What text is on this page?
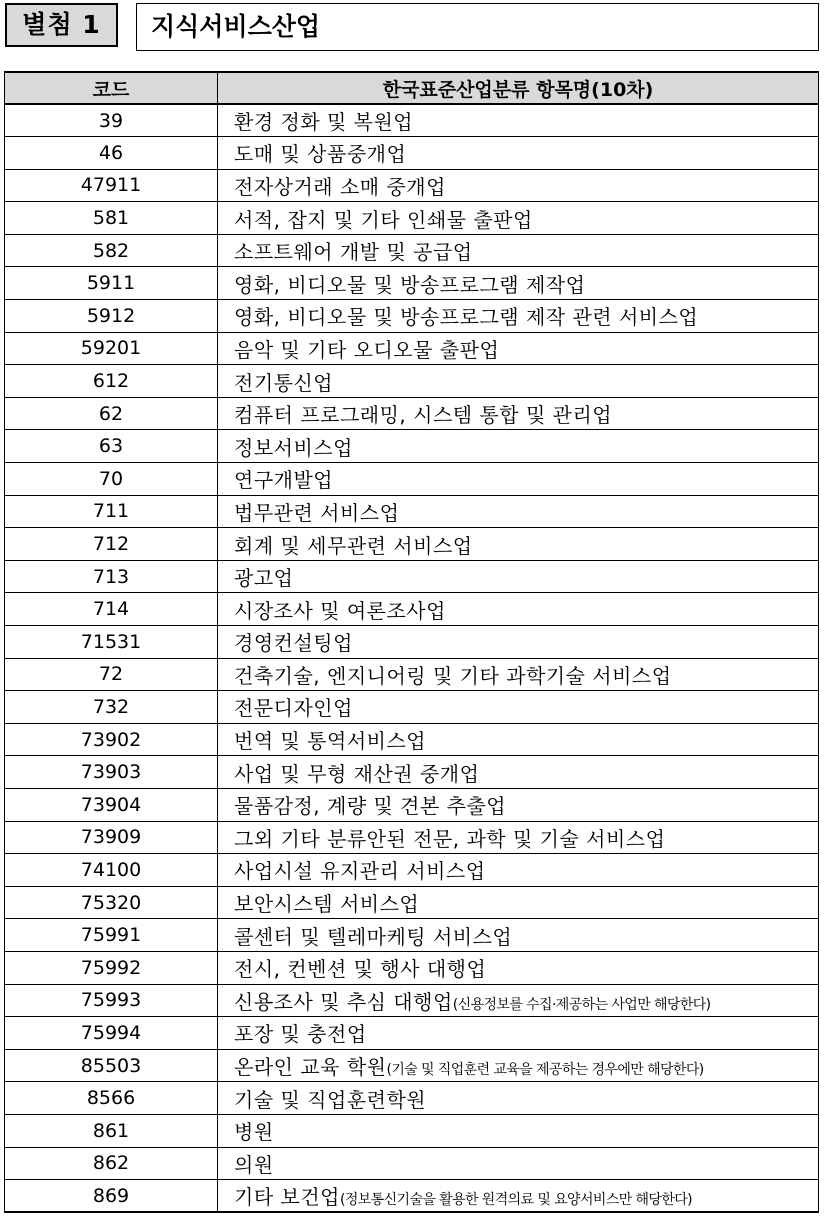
별첨 1	지식서비스산업
코드	한국표준산업분류 항목명(10차)
39	환경 정화 및 복원업
46	도매 및 상품중개업
47911	전자상거래 소매 중개업
581	서적, 잡지 및 기타 인쇄물 출판업
582	소프트웨어 개발 및 공급업
5911	영화, 비디오물 및 방송프로그램 제작업
5912	영화, 비디오물 및 방송프로그램 제작 관련 서비스업
59201	음악 및 기타 오디오물 출판업
612	전기통신업
62	컴퓨터 프로그래밍, 시스템 통합 및 관리업
63	정보서비스업
70	연구개발업
711	법무관련 서비스업
712	회계 및 세무관련 서비스업
713	광고업
714	시장조사 및 여론조사업
71531	경영컨설팅업
72	건축기술, 엔지니어링 및 기타 과학기술 서비스업
732	전문디자인업
73902	번역 및 통역서비스업
73903	사업 및 무형 재산권 중개업
73904	물품감정, 계량 및 견본 추출업
73909	그외 기타 분류안된 전문, 과학 및 기술 서비스업
74100	사업시설 유지관리 서비스업
75320	보안시스템 서비스업
75991	콜센터 및 텔레마케팅 서비스업
75992	전시, 컨벤션 및 행사 대행업
75993	신용조사 및 추심 대행업(신용정보를 수집·제공하는 사업만 해당한다)
75994	포장 및 충전업
85503	온라인 교육 학원(기술 및 직업훈련 교육을 제공하는 경우에만 해당한다)
8566	기술 및 직업훈련학원
861	병원
862	의원
869	기타 보건업(정보통신기술을 활용한 원격의료 및 요양서비스만 해당한다)
